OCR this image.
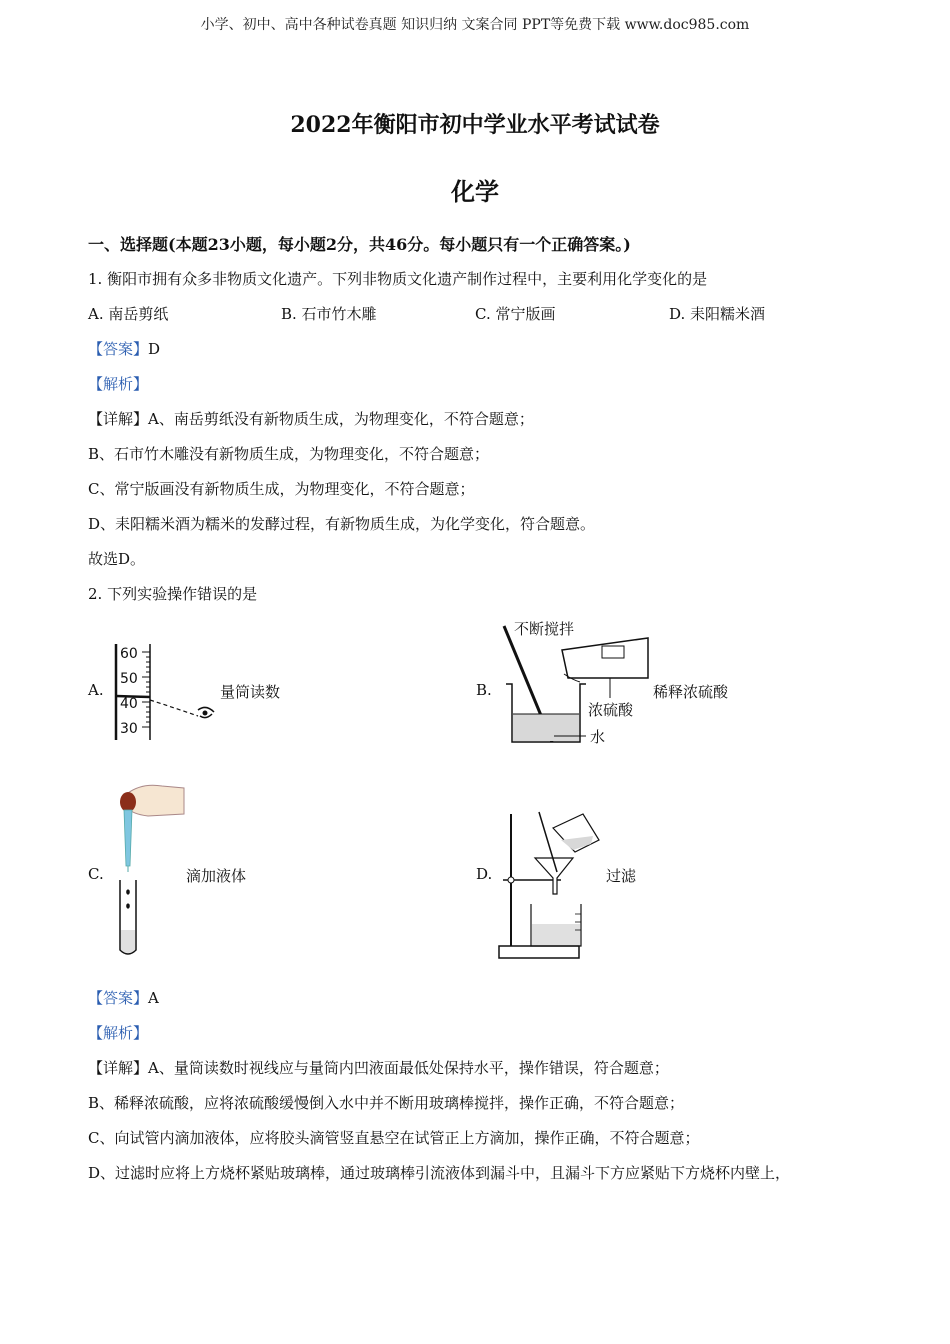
小学、初中、高中各种试卷真题 知识归纳 文案合同 PPT等免费下载 www.doc985.com
2022年衡阳市初中学业水平考试试卷
化学
一、选择题(本题23小题，每小题2分，共46分。每小题只有一个正确答案。)
1. 衡阳市拥有众多非物质文化遗产。下列非物质文化遗产制作过程中，主要利用化学变化的是
A. 南岳剪纸	B. 石市竹木雕	C. 常宁版画	D. 耒阳糯米酒
【答案】D
【解析】
【详解】A、南岳剪纸没有新物质生成，为物理变化，不符合题意；
B、石市竹木雕没有新物质生成，为物理变化，不符合题意；
C、常宁版画没有新物质生成，为物理变化，不符合题意；
D、耒阳糯米酒为糯米的发酵过程，有新物质生成，为化学变化，符合题意。
故选D。
2. 下列实验操作错误的是
A.	量筒读数
60
50
40
30
B.	稀释浓硫酸
不断搅拌
浓硫酸
水
C.	滴加液体	D.	过滤
【答案】A
【解析】
【详解】A、量筒读数时视线应与量筒内凹液面最低处保持水平，操作错误，符合题意；
B、稀释浓硫酸，应将浓硫酸缓慢倒入水中并不断用玻璃棒搅拌，操作正确，不符合题意；
C、向试管内滴加液体，应将胶头滴管竖直悬空在试管正上方滴加，操作正确，不符合题意；
D、过滤时应将上方烧杯紧贴玻璃棒，通过玻璃棒引流液体到漏斗中，且漏斗下方应紧贴下方烧杯内壁上，
